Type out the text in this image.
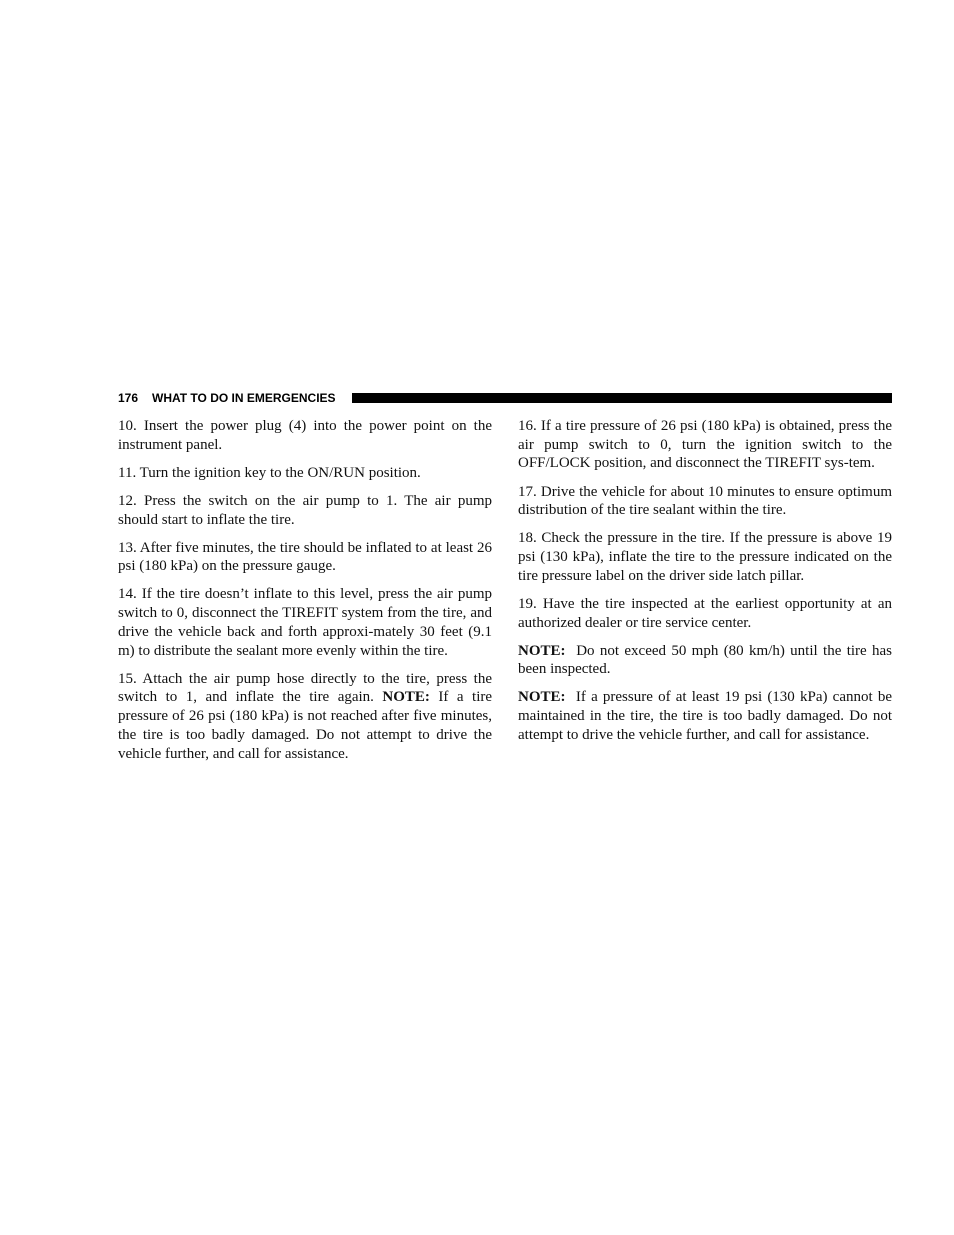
176 WHAT TO DO IN EMERGENCIES

10. Insert the power plug (4) into the power point on the instrument panel.

11. Turn the ignition key to the ON/RUN position.

12. Press the switch on the air pump to 1. The air pump should start to inflate the tire.

13. After five minutes, the tire should be inflated to at least 26 psi (180 kPa) on the pressure gauge.

14. If the tire doesn’t inflate to this level, press the air pump switch to 0, disconnect the TIREFIT system from the tire, and drive the vehicle back and forth approxi-mately 30 feet (9.1 m) to distribute the sealant more evenly within the tire.

15. Attach the air pump hose directly to the tire, press the switch to 1, and inflate the tire again. NOTE: If a tire pressure of 26 psi (180 kPa) is not reached after five minutes, the tire is too badly damaged. Do not attempt to drive the vehicle further, and call for assistance.

16. If a tire pressure of 26 psi (180 kPa) is obtained, press the air pump switch to 0, turn the ignition switch to the OFF/LOCK position, and disconnect the TIREFIT sys-tem.

17. Drive the vehicle for about 10 minutes to ensure optimum distribution of the tire sealant within the tire.

18. Check the pressure in the tire. If the pressure is above 19 psi (130 kPa), inflate the tire to the pressure indicated on the tire pressure label on the driver side latch pillar.

19. Have the tire inspected at the earliest opportunity at an authorized dealer or tire service center.

NOTE: Do not exceed 50 mph (80 km/h) until the tire has been inspected.

NOTE: If a pressure of at least 19 psi (130 kPa) cannot be maintained in the tire, the tire is too badly damaged. Do not attempt to drive the vehicle further, and call for assistance.
